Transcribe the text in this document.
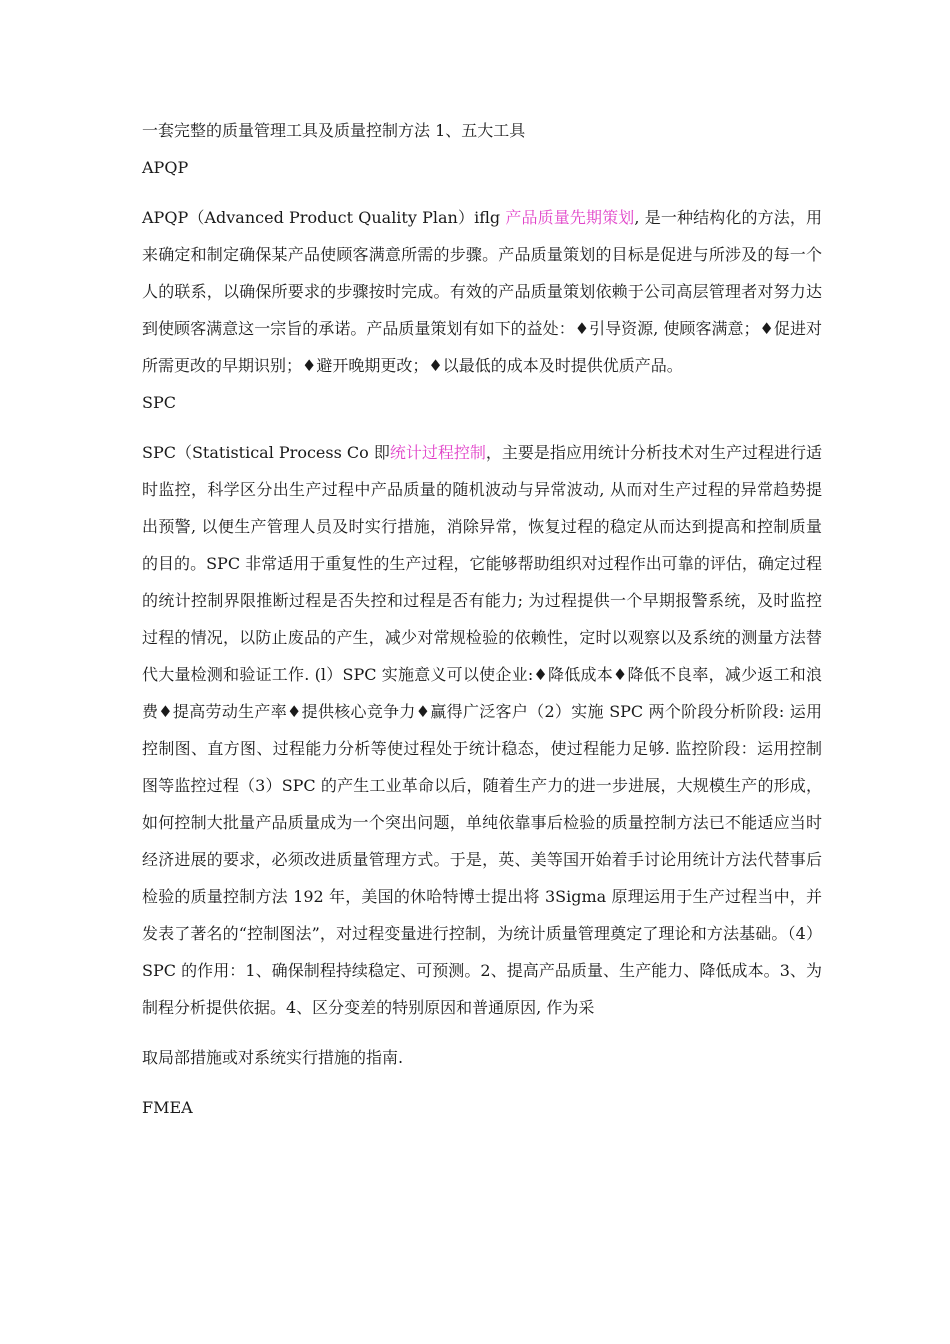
一套完整的质量管理工具及质量控制方法 1、五大工具

APQP

APQP（Advanced Product Quality Plan）iflg 产品质量先期策划, 是一种结构化的方法，用来确定和制定确保某产品使顾客满意所需的步骤。产品质量策划的目标是促进与所涉及的每一个人的联系，以确保所要求的步骤按时完成。有效的产品质量策划依赖于公司高层管理者对努力达到使顾客满意这一宗旨的承诺。产品质量策划有如下的益处：♦引导资源, 使顾客满意；♦促进对所需更改的早期识别；♦避开晚期更改；♦以最低的成本及时提供优质产品。

SPC

SPC（Statistical Process Co 即统计过程控制，主要是指应用统计分析技术对生产过程进行适时监控，科学区分出生产过程中产品质量的随机波动与异常波动, 从而对生产过程的异常趋势提出预警, 以便生产管理人员及时实行措施，消除异常，恢复过程的稳定从而达到提高和控制质量的目的。SPC 非常适用于重复性的生产过程，它能够帮助组织对过程作出可靠的评估，确定过程的统计控制界限推断过程是否失控和过程是否有能力; 为过程提供一个早期报警系统，及时监控过程的情况，以防止废品的产生，减少对常规检验的依赖性，定时以观察以及系统的测量方法替代大量检测和验证工作. (l）SPC 实施意义可以使企业:♦降低成本♦降低不良率，减少返工和浪费♦提高劳动生产率♦提供核心竞争力♦赢得广泛客户（2）实施 SPC 两个阶段分析阶段: 运用控制图、直方图、过程能力分析等使过程处于统计稳态，使过程能力足够. 监控阶段：运用控制图等监控过程（3）SPC 的产生工业革命以后，随着生产力的进一步进展，大规模生产的形成，如何控制大批量产品质量成为一个突出问题，单纯依靠事后检验的质量控制方法已不能适应当时经济进展的要求，必须改进质量管理方式。于是，英、美等国开始着手讨论用统计方法代替事后检验的质量控制方法 192 年，美国的休哈特博士提出将 3Sigma 原理运用于生产过程当中，并发表了著名的“控制图法”，对过程变量进行控制，为统计质量管理奠定了理论和方法基础。（4）SPC 的作用：1、确保制程持续稳定、可预测。2、提高产品质量、生产能力、降低成本。3、为制程分析提供依据。4、区分变差的特别原因和普通原因, 作为采

取局部措施或对系统实行措施的指南.

FMEA
